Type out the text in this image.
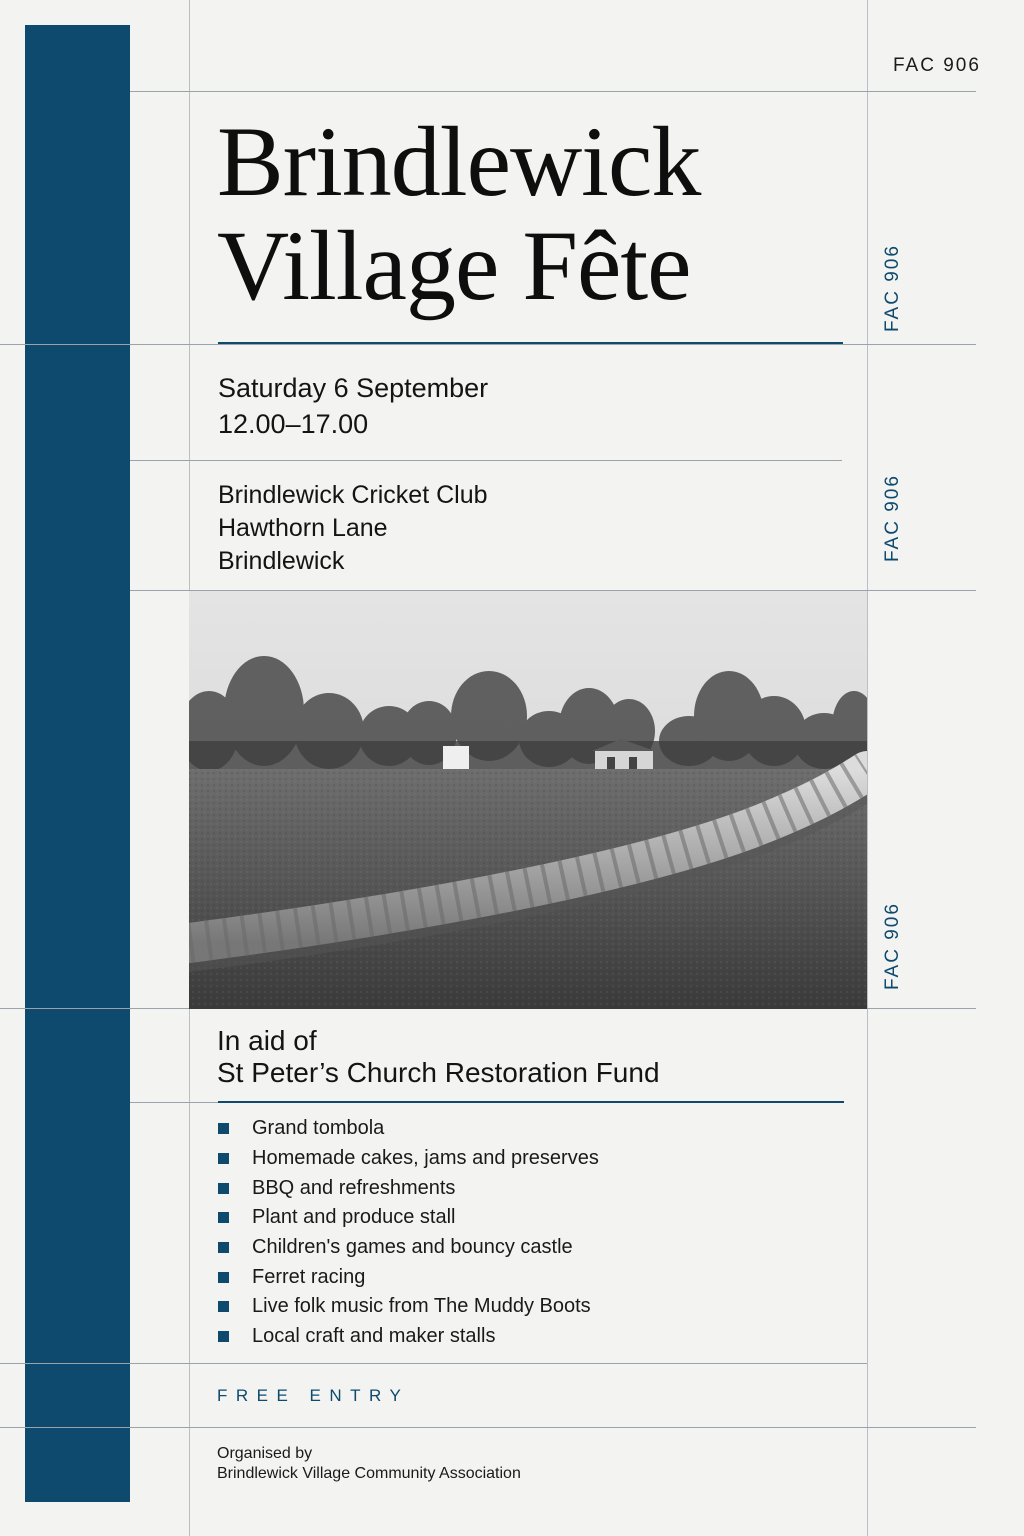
FAC 906
FAC 906
FAC 906
FAC 906
Brindlewick
Village Fête
Saturday 6 September
12.00–17.00
Brindlewick Cricket Club
Hawthorn Lane
Brindlewick
In aid of
St Peter’s Church Restoration Fund
Grand tombola
Homemade cakes, jams and preserves
BBQ and refreshments
Plant and produce stall
Children's games and bouncy castle
Ferret racing
Live folk music from The Muddy Boots
Local craft and maker stalls
FREE ENTRY
Organised by
Brindlewick Village Community Association
